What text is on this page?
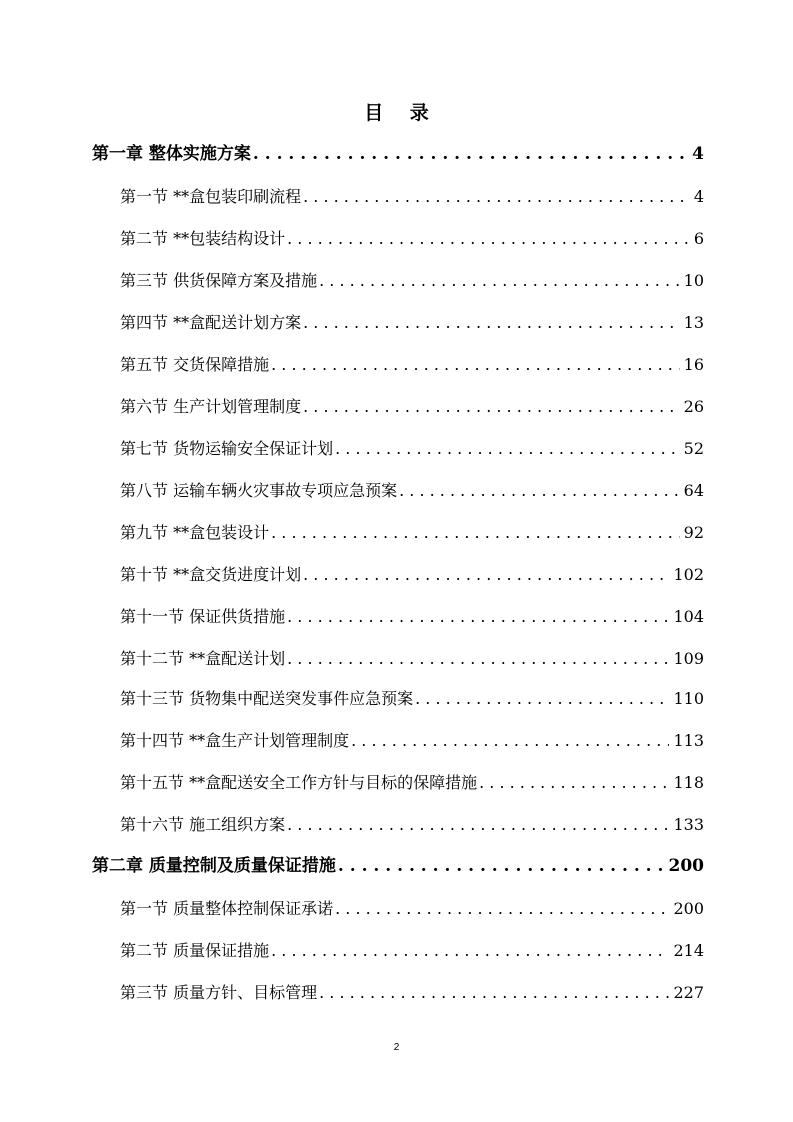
目 录
第一章 整体实施方案 . . .	4
第一节 **盒包装印刷流程 . . .	4
第二节 **包装结构设计 . . .	6
第三节 供货保障方案及措施 . . .	10
第四节 **盒配送计划方案 . . .	13
第五节 交货保障措施 . . .	16
第六节 生产计划管理制度 . . .	26
第七节 货物运输安全保证计划 . . .	52
第八节 运输车辆火灾事故专项应急预案 . . .	64
第九节 **盒包装设计 . . .	92
第十节 **盒交货进度计划 . . .	102
第十一节 保证供货措施 . . .	104
第十二节 **盒配送计划 . . .	109
第十三节 货物集中配送突发事件应急预案 . . .	110
第十四节 **盒生产计划管理制度 . . .	113
第十五节 **盒配送安全工作方针与目标的保障措施 . . .	118
第十六节 施工组织方案 . . .	133
第二章 质量控制及质量保证措施 . . .	200
第一节 质量整体控制保证承诺 . . .	200
第二节 质量保证措施 . . .	214
第三节 质量方针、目标管理 . . .	227
2
